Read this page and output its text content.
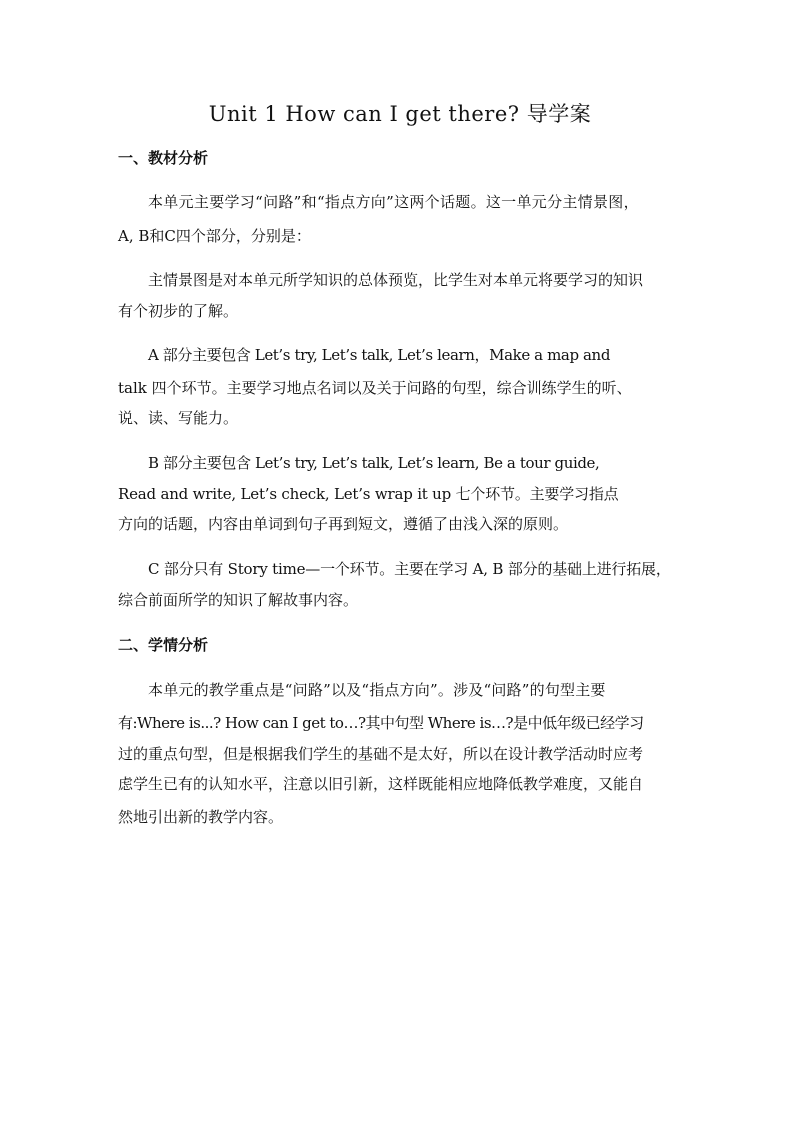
Unit 1 How can I get there? 导学案
一、教材分析
本单元主要学习“问路”和“指点方向”这两个话题。这一单元分主情景图，
A, B和C四个部分，分别是：
主情景图是对本单元所学知识的总体预览，比学生对本单元将要学习的知识
有个初步的了解。
A 部分主要包含 Let’s try, Let’s talk, Let’s learn，Make a map and
talk 四个环节。主要学习地点名词以及关于问路的句型，综合训练学生的听、
说、读、写能力。
B 部分主要包含 Let’s try, Let’s talk, Let’s learn, Be a tour guide,
Read and write, Let’s check, Let’s wrap it up 七个环节。主要学习指点
方向的话题，内容由单词到句子再到短文，遵循了由浅入深的原则。
C 部分只有 Story time—一个环节。主要在学习 A, B 部分的基础上进行拓展，
综合前面所学的知识了解故事内容。
二、学情分析
本单元的教学重点是“问路”以及“指点方向”。涉及“问路”的句型主要
有:Where is...? How can I get to…?其中句型 Where is…?是中低年级已经学习
过的重点句型，但是根据我们学生的基础不是太好，所以在设计教学活动时应考
虑学生已有的认知水平，注意以旧引新，这样既能相应地降低教学难度，又能自
然地引出新的教学内容。
